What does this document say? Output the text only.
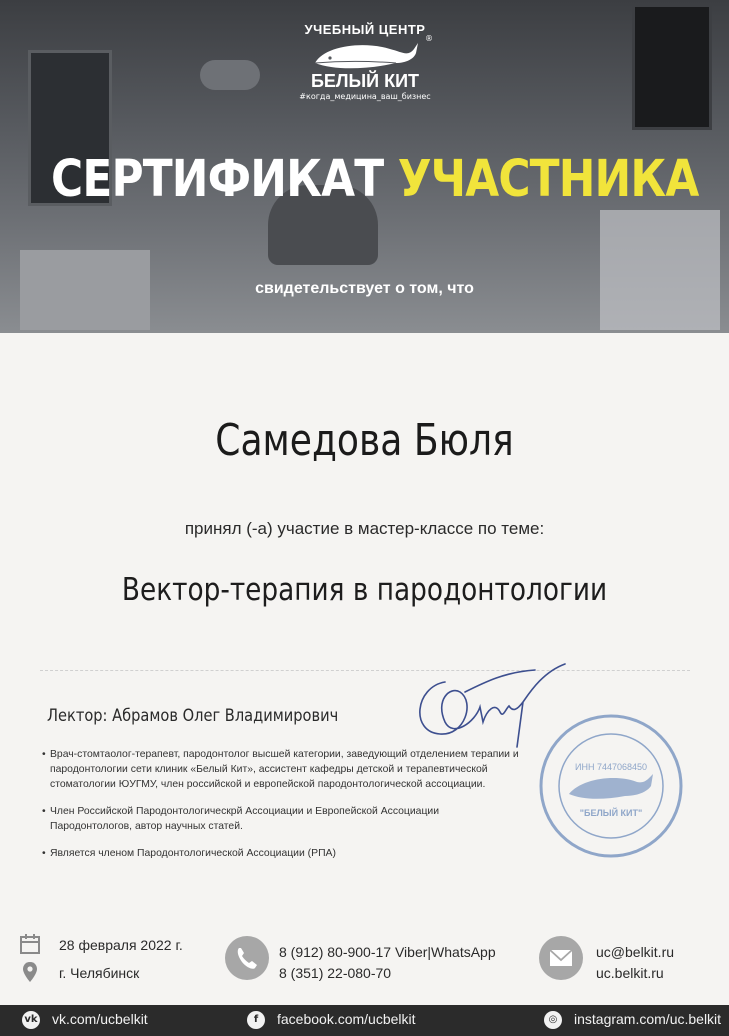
УЧЕБНЫЙ ЦЕНТР
БЕЛЫЙ КИТ
#когда_медицина_ваш_бизнес
®
СЕРТИФИКАТ УЧАСТНИКА
свидетельствует о том, что
Самедова Бюля
принял (-а) участие в мастер-классе по теме:
Вектор-терапия в пародонтологии
Лектор: Абрамов Олег Владимирович
• Врач-стомтаолог-терапевт, пародонтолог высшей категории, заведующий отделением терапии и пародонтологии сети клиник «Белый Кит», ассистент кафедры детской и терапевтической стоматологии ЮУГМУ, член российской и европейской пародонтологической ассоциации.
• Член Российской Пародонтологическрй Ассоциации и Европейской Ассоциации Пародонтологов, автор научных статей.
• Является членом Пародонтологической Ассоциации (РПА)
ИНН 7447068450
"БЕЛЫЙ КИТ"
28 февраля 2022 г.
г. Челябинск
8 (912) 80-900-17 Viber|WhatsApp
8 (351) 22-080-70
uc@belkit.ru
uc.belkit.ru
vk vk.com/ucbelkit	f	facebook.com/ucbelkit	◎	instagram.com/uc.belkit
